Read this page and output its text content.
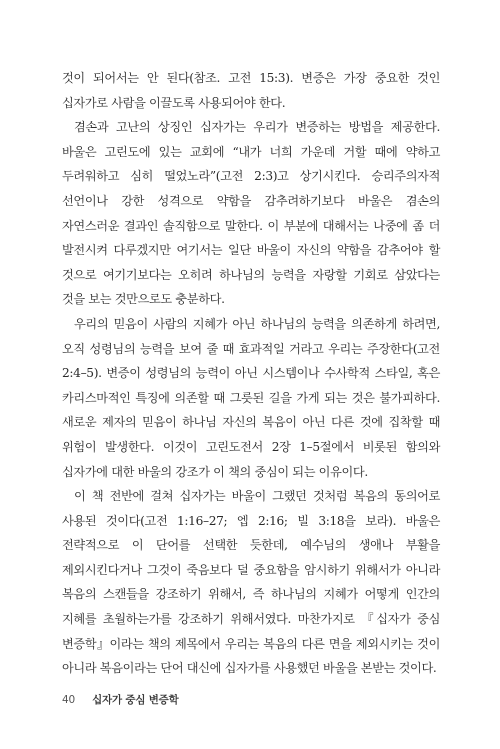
것이 되어서는 안 된다(참조. 고전 15:3). 변증은 가장 중요한 것인 십자가로 사람을 이끌도록 사용되어야 한다.

겸손과 고난의 상징인 십자가는 우리가 변증하는 방법을 제공한다. 바울은 고린도에 있는 교회에 “내가 너희 가운데 거할 때에 약하고 두려워하고 심히 떨었노라”(고전 2:3)고 상기시킨다. 승리주의자적 선언이나 강한 성격으로 약함을 감추려하기보다 바울은 겸손의 자연스러운 결과인 솔직함으로 말한다. 이 부분에 대해서는 나중에 좀 더 발전시켜 다루겠지만 여기서는 일단 바울이 자신의 약함을 감추어야 할 것으로 여기기보다는 오히려 하나님의 능력을 자랑할 기회로 삼았다는 것을 보는 것만으로도 충분하다.

우리의 믿음이 사람의 지혜가 아닌 하나님의 능력을 의존하게 하려면, 오직 성령님의 능력을 보여 줄 때 효과적일 거라고 우리는 주장한다(고전 2:4–5). 변증이 성령님의 능력이 아닌 시스템이나 수사학적 스타일, 혹은 카리스마적인 특징에 의존할 때 그릇된 길을 가게 되는 것은 불가피하다. 새로운 제자의 믿음이 하나님 자신의 복음이 아닌 다른 것에 집착할 때 위험이 발생한다. 이것이 고린도전서 2장 1–5절에서 비롯된 함의와 십자가에 대한 바울의 강조가 이 책의 중심이 되는 이유이다.

이 책 전반에 걸쳐 십자가는 바울이 그랬던 것처럼 복음의 동의어로 사용된 것이다(고전 1:16–27; 엡 2:16; 빌 3:18을 보라). 바울은 전략적으로 이 단어를 선택한 듯한데, 예수님의 생애나 부활을 제외시킨다거나 그것이 죽음보다 덜 중요함을 암시하기 위해서가 아니라 복음의 스캔들을 강조하기 위해서, 즉 하나님의 지혜가 어떻게 인간의 지혜를 초월하는가를 강조하기 위해서였다. 마찬가지로 『십자가 중심 변증학』이라는 책의 제목에서 우리는 복음의 다른 면을 제외시키는 것이 아니라 복음이라는 단어 대신에 십자가를 사용했던 바울을 본받는 것이다.

40 십자가 중심 변증학
